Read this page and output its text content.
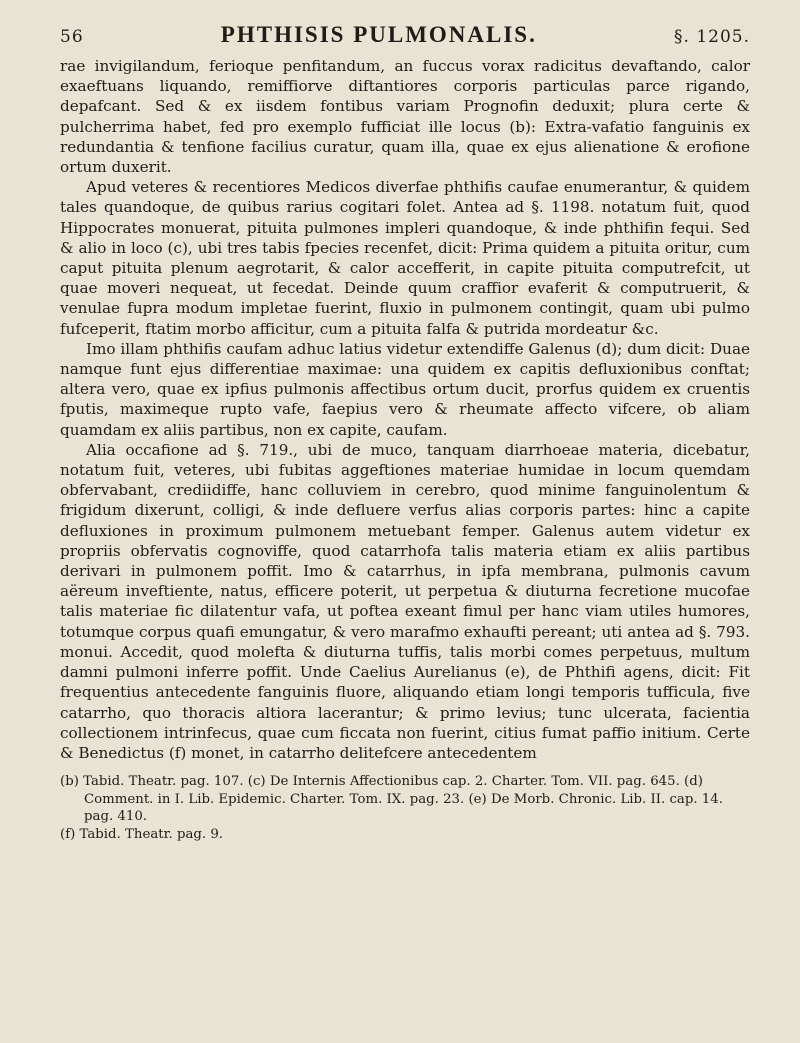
56	PHTHISIS PULMONALIS.	§. 1205.

rae invigilandum, ferioque penfitandum, an fuccus vorax radicitus devaftando, calor exaeftuans liquando, remiffiorve diftantiores corporis particulas parce rigando, depafcant. Sed & ex iisdem fontibus variam Prognofin deduxit; plura certe & pulcherrima habet, fed pro exemplo fufficiat ille locus (b): Extra-vafatio fanguinis ex redundantia & tenfione facilius curatur, quam illa, quae ex ejus alienatione & erofione ortum duxerit.

Apud veteres & recentiores Medicos diverfae phthifis caufae enumerantur, & quidem tales quandoque, de quibus rarius cogitari folet. Antea ad §. 1198. notatum fuit, quod Hippocrates monuerat, pituita pulmones impleri quandoque, & inde phthifin fequi. Sed & alio in loco (c), ubi tres tabis fpecies recenfet, dicit: Prima quidem a pituita oritur, cum caput pituita plenum aegrotarit, & calor accefferit, in capite pituita computrefcit, ut quae moveri nequeat, ut fecedat. Deinde quum craffior evaferit & computruerit, & venulae fupra modum impletae fuerint, fluxio in pulmonem contingit, quam ubi pulmo fufceperit, ftatim morbo afficitur, cum a pituita falfa & putrida mordeatur &c.

Imo illam phthifis caufam adhuc latius videtur extendiffe Galenus (d); dum dicit: Duae namque funt ejus differentiae maximae: una quidem ex capitis defluxionibus conftat; altera vero, quae ex ipfius pulmonis affectibus ortum ducit, prorfus quidem ex cruentis fputis, maximeque rupto vafe, faepius vero & rheumate affecto vifcere, ob aliam quamdam ex aliis partibus, non ex capite, caufam.

Alia occafione ad §. 719., ubi de muco, tanquam diarrhoeae materia, dicebatur, notatum fuit, veteres, ubi fubitas aggeftiones materiae humidae in locum quemdam obfervabant, crediidiffe, hanc colluviem in cerebro, quod minime fanguinolentum & frigidum dixerunt, colligi, & inde defluere verfus alias corporis partes: hinc a capite defluxiones in proximum pulmonem metuebant femper. Galenus autem videtur ex propriis obfervatis cognoviffe, quod catarrhofa talis materia etiam ex aliis partibus derivari in pulmonem poffit. Imo & catarrhus, in ipfa membrana, pulmonis cavum aëreum inveftiente, natus, efficere poterit, ut perpetua & diuturna fecretione mucofae talis materiae fic dilatentur vafa, ut poftea exeant fimul per hanc viam utiles humores, totumque corpus quafi emungatur, & vero marafmo exhaufti pereant; uti antea ad §. 793. monui. Accedit, quod molefta & diuturna tuffis, talis morbi comes perpetuus, multum damni pulmoni inferre poffit. Unde Caelius Aurelianus (e), de Phthifi agens, dicit: Fit frequentius antecedente fanguinis fluore, aliquando etiam longi temporis tufficula, five catarrho, quo thoracis altiora lacerantur; & primo levius; tunc ulcerata, facientia collectionem intrinfecus, quae cum ficcata non fuerint, citius fumat paffio initium. Certe & Benedictus (f) monet, in catarrho delitefcere antecedentem

(b) Tabid. Theatr. pag. 107. (c) De Internis Affectionibus cap. 2. Charter. Tom. VII. pag. 645. (d) Comment. in I. Lib. Epidemic. Charter. Tom. IX. pag. 23. (e) De Morb. Chronic. Lib. II. cap. 14. pag. 410.

(f) Tabid. Theatr. pag. 9.
